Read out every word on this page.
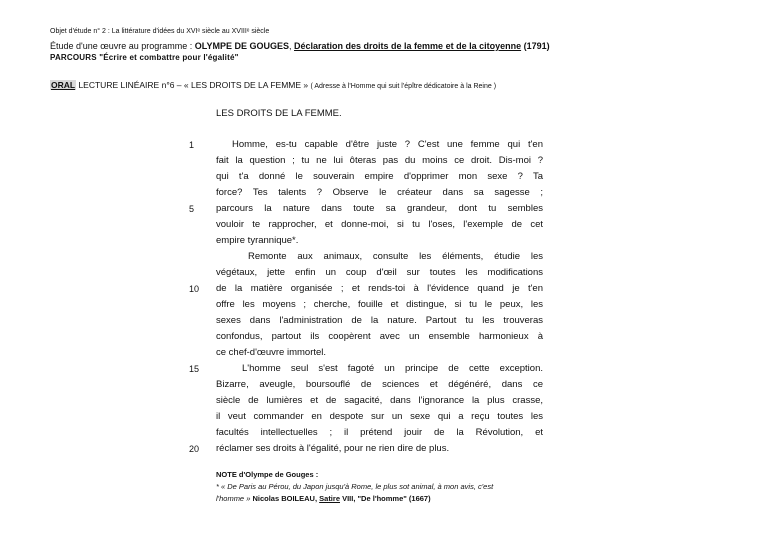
Objet d'étude n° 2 : La littérature d'idées du XVIᵉ siècle au XVIIIᵉ siècle
Étude d'une œuvre au programme : OLYMPE DE GOUGES, Déclaration des droits de la femme et de la citoyenne (1791)
PARCOURS "Écrire et combattre pour l'égalité"
ORAL LECTURE LINÉAIRE n°6 – « LES DROITS DE LA FEMME » ( Adresse à l'Homme qui suit l'épître dédicatoire à la Reine )
LES DROITS DE LA FEMME.
1	Homme, es-tu capable d'être juste ? C'est une femme qui t'en
fait la question ; tu ne lui ôteras pas du moins ce droit. Dis-moi ?
qui t'a donné le souverain empire d'opprimer mon sexe ? Ta
force? Tes talents ? Observe le créateur dans sa sagesse ;
5 parcours la nature dans toute sa grandeur, dont tu sembles
vouloir te rapprocher, et donne-moi, si tu l'oses, l'exemple de cet
empire tyrannique*.
Remonte aux animaux, consulte les éléments, étudie les
végétaux, jette enfin un coup d'œil sur toutes les modifications
10 de la matière organisée ; et rends-toi à l'évidence quand je t'en
offre les moyens ; cherche, fouille et distingue, si tu le peux, les
sexes dans l'administration de la nature. Partout tu les trouveras
confondus, partout ils coopèrent avec un ensemble harmonieux à
ce chef-d'œuvre immortel.
15	L'homme seul s'est fagoté un principe de cette exception.
Bizarre, aveugle, boursouflé de sciences et dégénéré, dans ce
siècle de lumières et de sagacité, dans l'ignorance la plus crasse,
il veut commander en despote sur un sexe qui a reçu toutes les
facultés intellectuelles ; il prétend jouir de la Révolution, et
20 réclamer ses droits à l'égalité, pour ne rien dire de plus.
NOTE d'Olympe de Gouges :
* « De Paris au Pérou, du Japon jusqu'à Rome, le plus sot animal, à mon avis, c'est
l'homme » Nicolas BOILEAU, Satire VIII, "De l'homme" (1667)
